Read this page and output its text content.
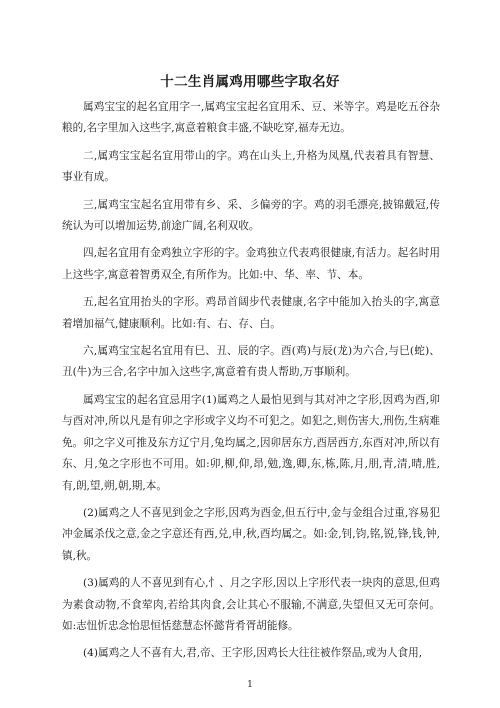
十二生肖属鸡用哪些字取名好

属鸡宝宝的起名宜用字一,属鸡宝宝起名宜用禾、豆、米等字。鸡是吃五谷杂粮的,名字里加入这些字,寓意着粮食丰盛,不缺吃穿,福寿无边。

二,属鸡宝宝起名宜用带山的字。鸡在山头上,升格为凤凰,代表着具有智慧、事业有成。

三,属鸡宝宝起名宜用带有乡、采、彡偏旁的字。鸡的羽毛漂亮,披锦戴冠,传统认为可以增加运势,前途广阔,名利双收。

四,起名宜用有金鸡独立字形的字。金鸡独立代表鸡很健康,有活力。起名时用上这些字,寓意着智勇双全,有所作为。比如:中、华、率、节、本。

五,起名宜用抬头的字形。鸡昂首阔步代表健康,名字中能加入抬头的字,寓意着增加福气,健康顺利。比如:有、右、存、白。

六,属鸡宝宝起名宜用有巳、丑、辰的字。酉(鸡)与辰(龙)为六合,与巳(蛇)、丑(牛)为三合,名字中加入这些字,寓意着有贵人帮助,万事顺利。

属鸡宝宝的起名宜忌用字(1)属鸡之人最怕见到与其对冲之字形,因鸡为酉,卯与酉对冲,所以凡是有卯之字形或字义均不可犯之。如犯之,则伤害大,刑伤,生病难免。卯之字义可推及东方辽宁月,兔均属之,因卯居东方,酉居西方,东酉对冲,所以有东、月,兔之字形也不可用。如:卯,柳,仰,昂,勉,逸,卿,东,栋,陈,月,朋,青,清,晴,胜,有,朗,望,朔,朝,期,本。

(2)属鸡之人不喜见到金之字形,因鸡为酉金,但五行中,金与金组合过重,容易犯冲金属杀伐之意,金之字意还有西,兑,申,秋,酉均属之。如:金,钊,钧,铭,锐,锋,钱,钟,镇,秋。

(3)属鸡的人不喜见到有心,忄、月之字形,因以上字形代表一块肉的意思,但鸡为素食动物,不食荤肉,若给其肉食,会让其心不服输,不满意,失望但又无可奈何。如:志忸忻忠念怡思恒恬慈慧态怀懿背肴胥胡能修。

(4)属鸡之人不喜有大,君,帝、王字形,因鸡长大往往被作祭品,或为人食用,

1
